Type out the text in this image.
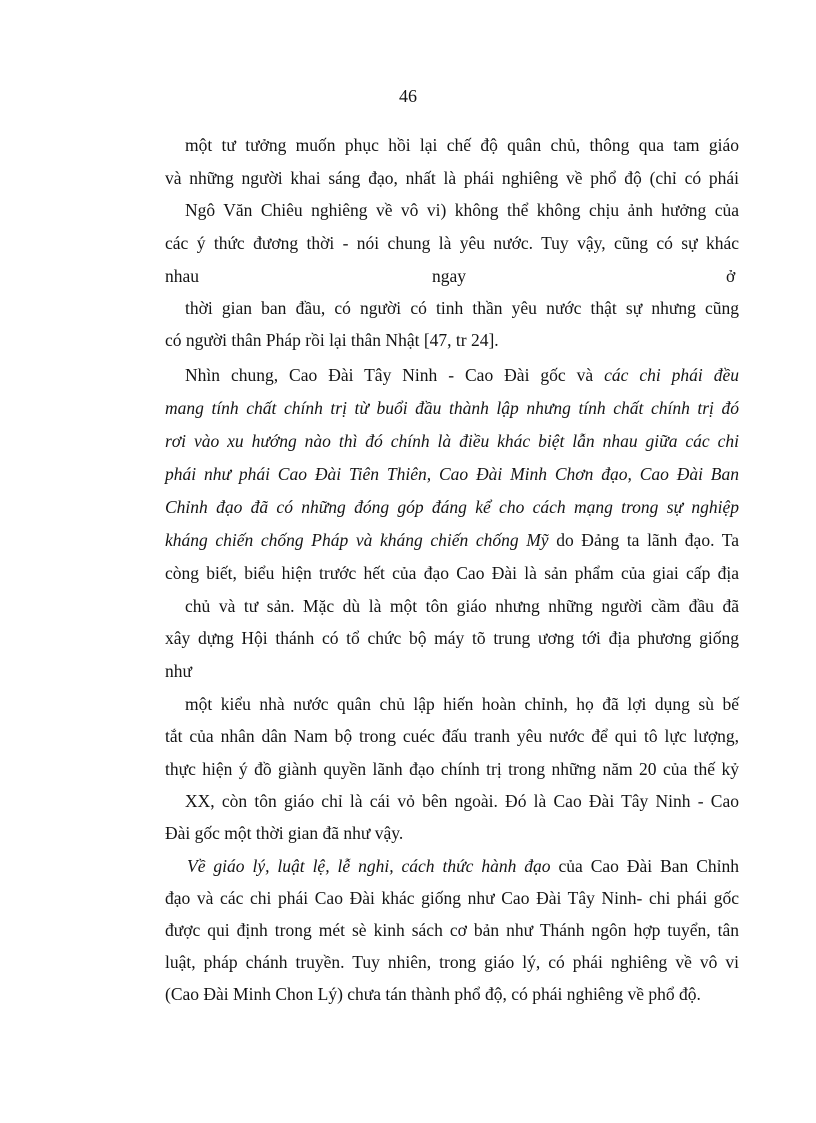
46
một tư tưởng muốn phục hồi lại chế độ quân chủ, thông qua tam giáo
và những người khai sáng đạo, nhất là phái nghiêng về phổ độ (chỉ có phái
Ngô Văn Chiêu nghiêng về vô vi) không thể không chịu ảnh hưởng của
các ý thức đương thời - nói chung là yêu nước. Tuy vậy, cũng có sự khác
nhau	ngay	ở
thời gian ban đầu, có người có tinh thần yêu nước thật sự nhưng cũng
có người thân Pháp rồi lại thân Nhật [47, tr 24].
Nhìn chung, Cao Đài Tây Ninh - Cao Đài gốc và các chi phái đều
mang tính chất chính trị từ buổi đầu thành lập nhưng tính chất chính trị đó
rơi vào xu hướng nào thì đó chính là điều khác biệt lẫn nhau giữa các chi
phái như phái Cao Đài Tiên Thiên, Cao Đài Minh Chơn đạo, Cao Đài Ban
Chỉnh đạo đã có những đóng góp đáng kể cho cách mạng trong sự nghiệp
kháng chiến chống Pháp và kháng chiến chống Mỹ do Đảng ta lãnh đạo. Ta
còng biết, biểu hiện trước hết của đạo Cao Đài là sản phẩm của giai cấp địa
chủ và tư sản. Mặc dù là một tôn giáo nhưng những người cầm đầu đã
xây dựng Hội thánh có tổ chức bộ máy tõ trung ương tới địa phương giống
như
một kiểu nhà nước quân chủ lập hiến hoàn chỉnh, họ đã lợi dụng sù bế
tắt của nhân dân Nam bộ trong cuéc đấu tranh yêu nước để qui tô lực lượng,
thực hiện ý đồ giành quyền lãnh đạo chính trị trong những năm 20 của thế kỷ
XX, còn tôn giáo chỉ là cái vỏ bên ngoài. Đó là Cao Đài Tây Ninh - Cao
Đài gốc một thời gian đã như vậy.
Về giáo lý, luật lệ, lễ nghi, cách thức hành đạo của Cao Đài Ban Chỉnh
đạo và các chi phái Cao Đài khác giống như Cao Đài Tây Ninh- chi phái gốc
được qui định trong mét sè kinh sách cơ bản như Thánh ngôn hợp tuyển, tân
luật, pháp chánh truyền. Tuy nhiên, trong giáo lý, có phái nghiêng về vô vi
(Cao Đài Minh Chon Lý) chưa tán thành phổ độ, có phái nghiêng về phổ độ.
